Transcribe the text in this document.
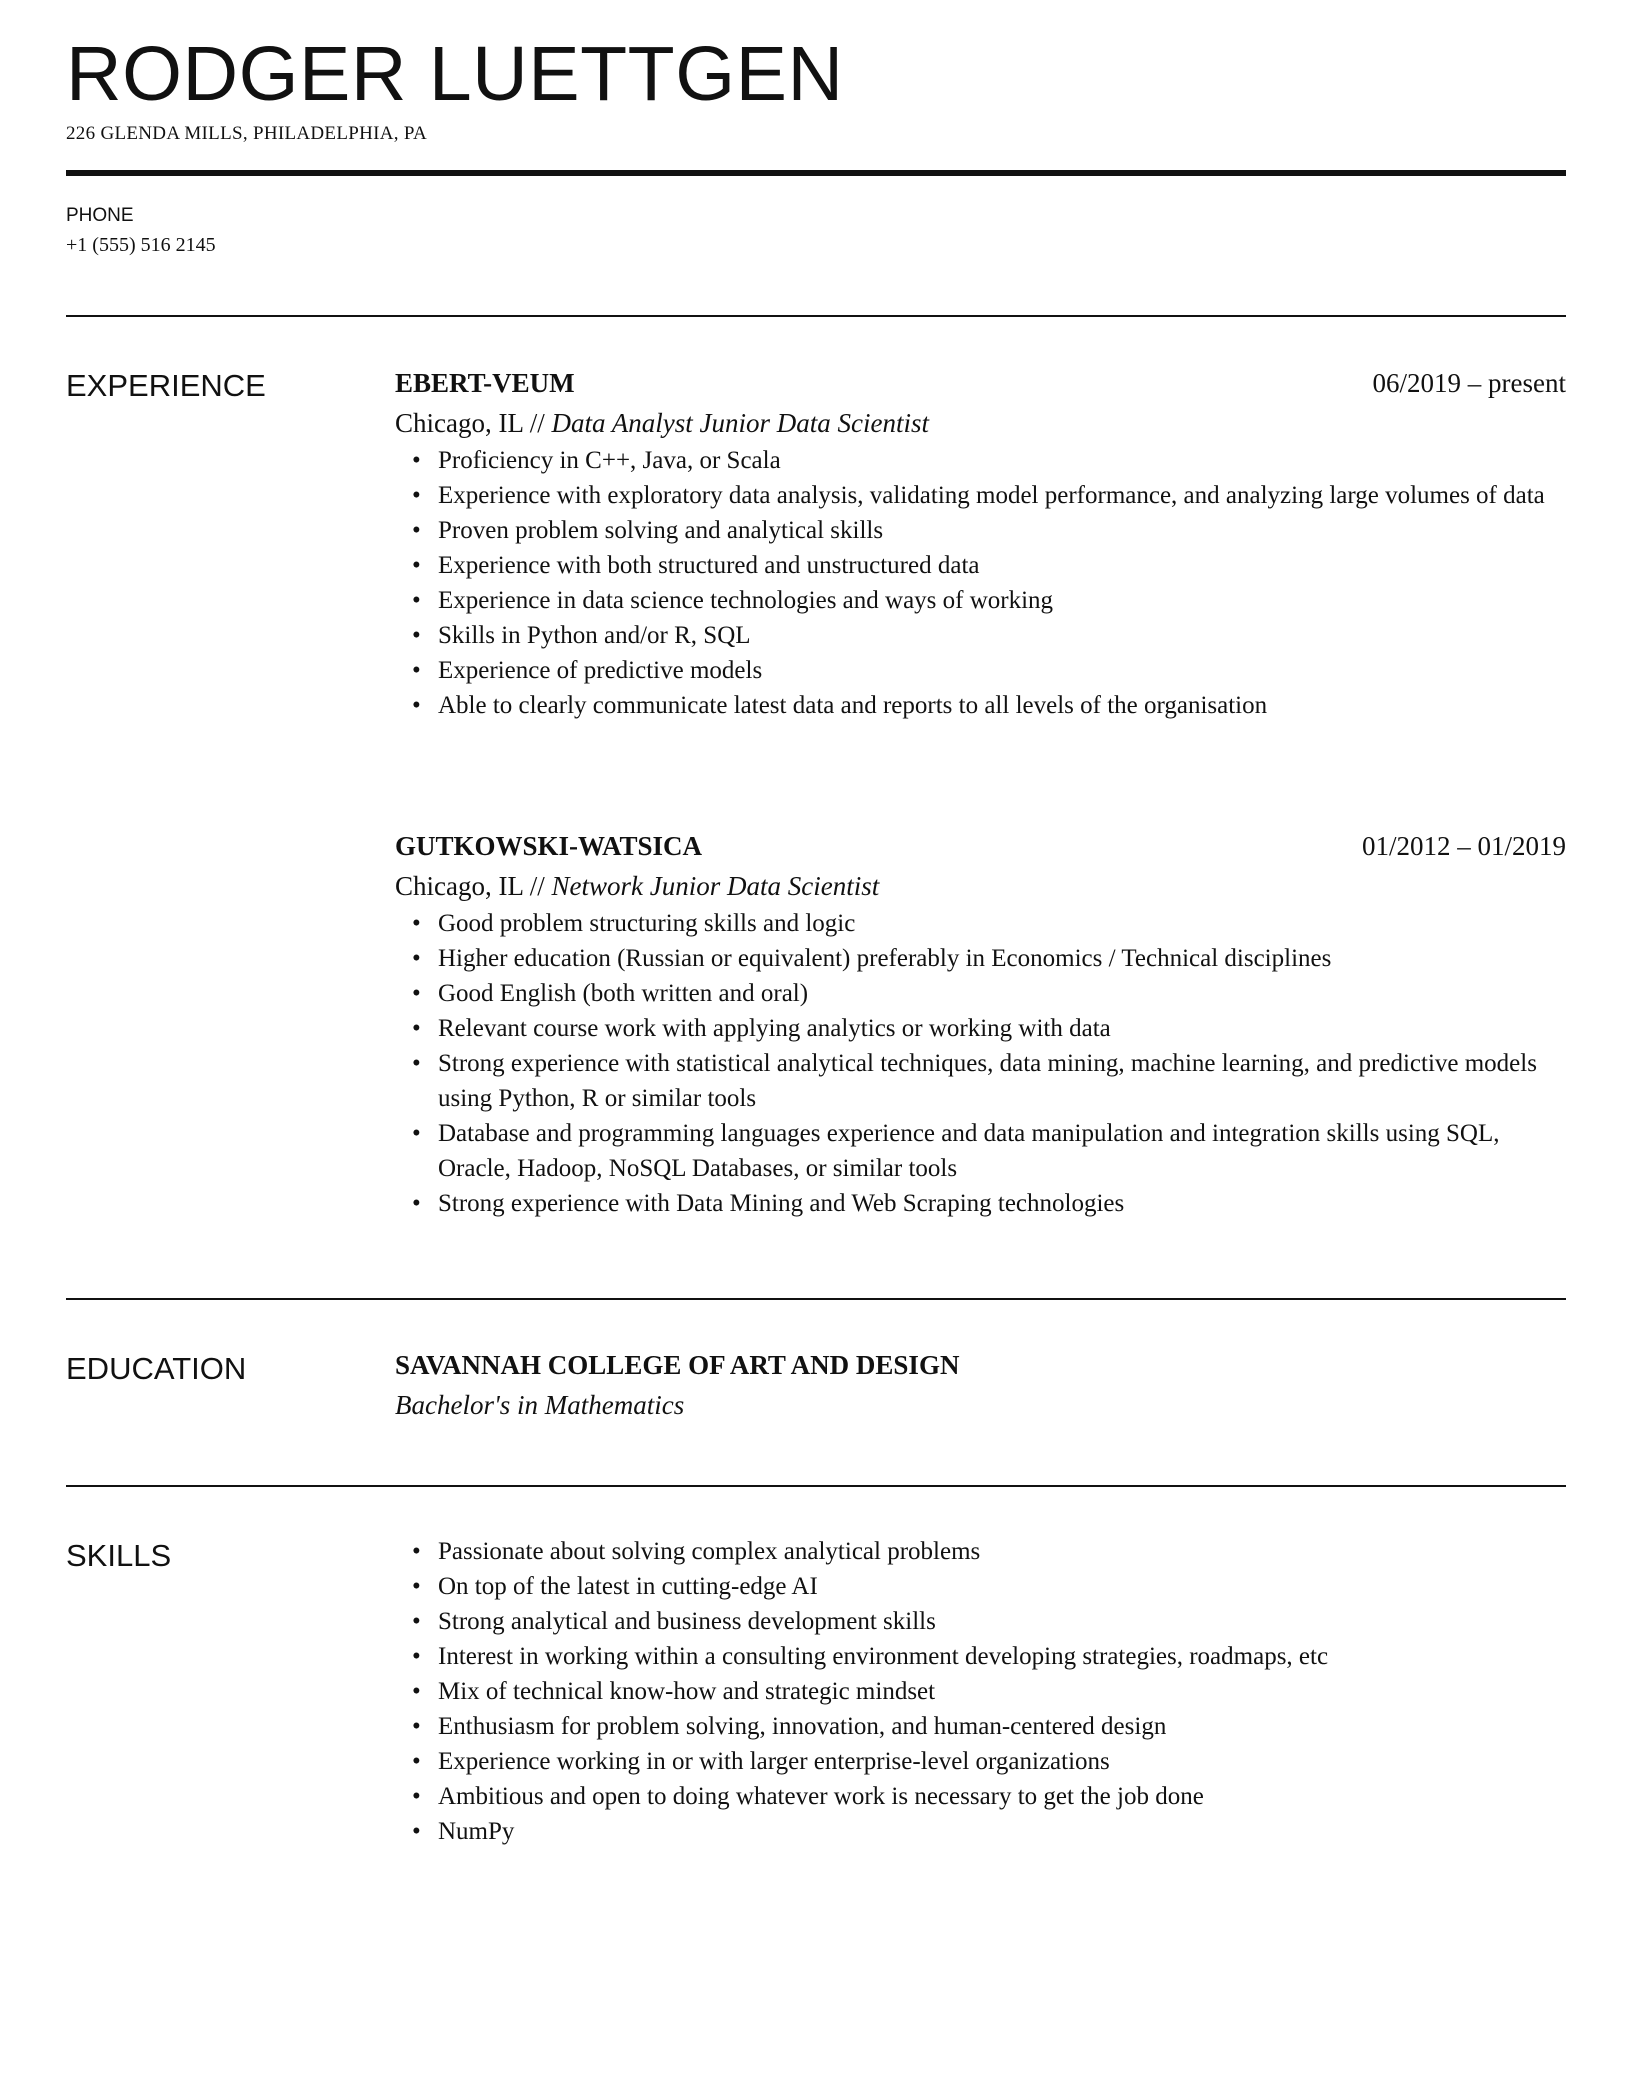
RODGER LUETTGEN
226 GLENDA MILLS, PHILADELPHIA, PA
PHONE
+1 (555) 516 2145
EXPERIENCE	EBERT-VEUM	06/2019 – present
Chicago, IL // Data Analyst Junior Data Scientist
• Proficiency in C++, Java, or Scala
• Experience with exploratory data analysis, validating model performance, and analyzing large volumes of data
• Proven problem solving and analytical skills
• Experience with both structured and unstructured data
• Experience in data science technologies and ways of working
• Skills in Python and/or R, SQL
• Experience of predictive models
• Able to clearly communicate latest data and reports to all levels of the organisation
GUTKOWSKI-WATSICA	01/2012 – 01/2019
Chicago, IL // Network Junior Data Scientist
• Good problem structuring skills and logic
• Higher education (Russian or equivalent) preferably in Economics / Technical disciplines
• Good English (both written and oral)
• Relevant course work with applying analytics or working with data
• Strong experience with statistical analytical techniques, data mining, machine learning, and predictive models using Python, R or similar tools
• Database and programming languages experience and data manipulation and integration skills using SQL, Oracle, Hadoop, NoSQL Databases, or similar tools
• Strong experience with Data Mining and Web Scraping technologies
EDUCATION	SAVANNAH COLLEGE OF ART AND DESIGN
Bachelor's in Mathematics
SKILLS
•	Passionate about solving complex analytical problems
• On top of the latest in cutting-edge AI
• Strong analytical and business development skills
• Interest in working within a consulting environment developing strategies, roadmaps, etc
• Mix of technical know-how and strategic mindset
• Enthusiasm for problem solving, innovation, and human-centered design
• Experience working in or with larger enterprise-level organizations
• Ambitious and open to doing whatever work is necessary to get the job done
• NumPy
